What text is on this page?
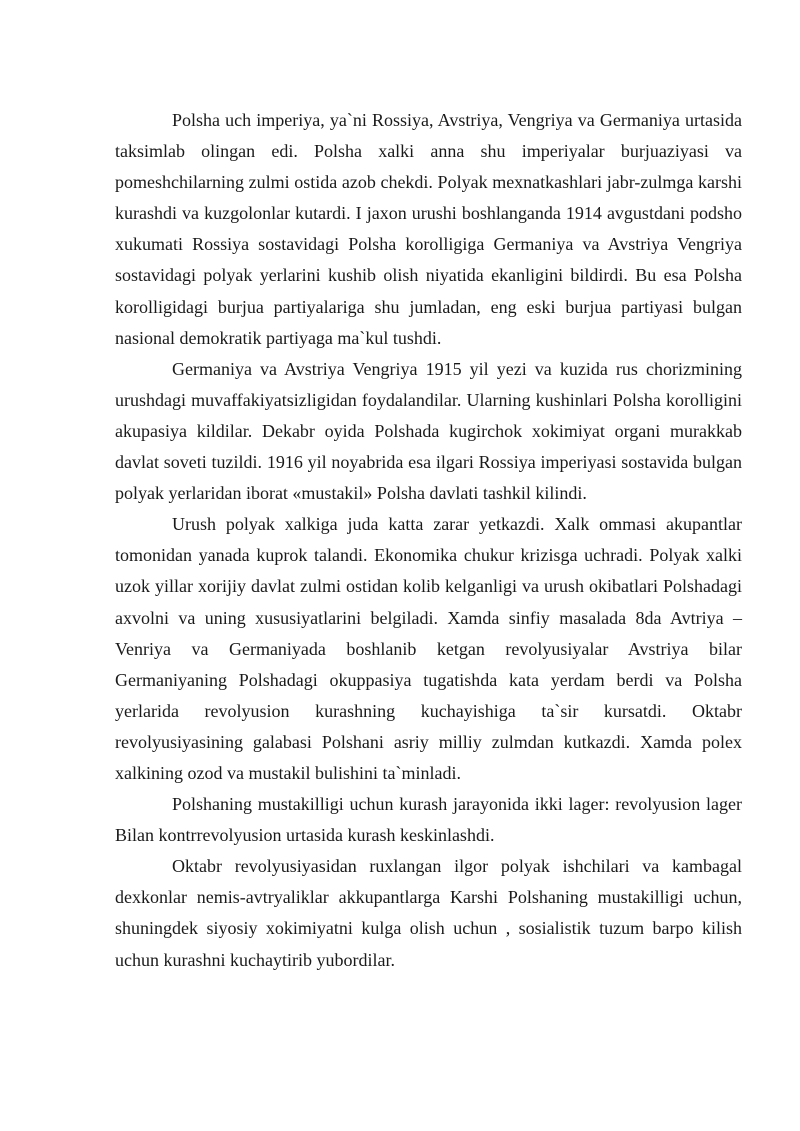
Polsha uch imperiya, ya`ni Rossiya, Avstriya, Vengriya va Germaniya urtasida taksimlab olingan edi. Polsha xalki anna shu imperiyalar burjuaziyasi va pomeshchilarning zulmi ostida azob chekdi. Polyak mexnatkashlari jabr-zulmga karshi kurashdi va kuzgolonlar kutardi. I jaxon urushi boshlanganda 1914 avgustdani podsho xukumati Rossiya sostavidagi Polsha korolligiga Germaniya va Avstriya Vengriya sostavidagi polyak yerlarini kushib olish niyatida ekanligini bildirdi. Bu esa Polsha korolligidagi burjua partiyalariga shu jumladan, eng eski burjua partiyasi bulgan nasional demokratik partiyaga ma`kul tushdi.

Germaniya va Avstriya Vengriya 1915 yil yezi va kuzida rus chorizmining urushdagi muvaffakiyatsizligidan foydalandilar. Ularning kushinlari Polsha korolligini akupasiya kildilar. Dekabr oyida Polshada kugirchok xokimiyat organi murakkab davlat soveti tuzildi. 1916 yil noyabrida esa ilgari Rossiya imperiyasi sostavida bulgan polyak yerlaridan iborat «mustakil» Polsha davlati tashkil kilindi.

Urush polyak xalkiga juda katta zarar yetkazdi. Xalk ommasi akupantlar tomonidan yanada kuprok talandi. Ekonomika chukur krizisga uchradi. Polyak xalki uzok yillar xorijiy davlat zulmi ostidan kolib kelganligi va urush okibatlari Polshadagi axvolni va uning xususiyatlarini belgiladi. Xamda sinfiy masalada 8da Avtriya – Venriya va Germaniyada boshlanib ketgan revolyusiyalar Avstriya bilar Germaniyaning Polshadagi okuppasiya tugatishda kata yerdam berdi va Polsha yerlarida revolyusion kurashning kuchayishiga ta`sir kursatdi. Oktabr revolyusiyasining galabasi Polshani asriy milliy zulmdan kutkazdi. Xamda polex xalkining ozod va mustakil bulishini ta`minladi.

Polshaning mustakilligi uchun kurash jarayonida ikki lager: revolyusion lager Bilan kontrrevolyusion urtasida kurash keskinlashdi.

Oktabr revolyusiyasidan ruxlangan ilgor polyak ishchilari va kambagal dexkonlar nemis-avtryaliklar akkupantlarga Karshi Polshaning mustakilligi uchun, shuningdek siyosiy xokimiyatni kulga olish uchun , sosialistik tuzum barpo kilish uchun kurashni kuchaytirib yubordilar.
